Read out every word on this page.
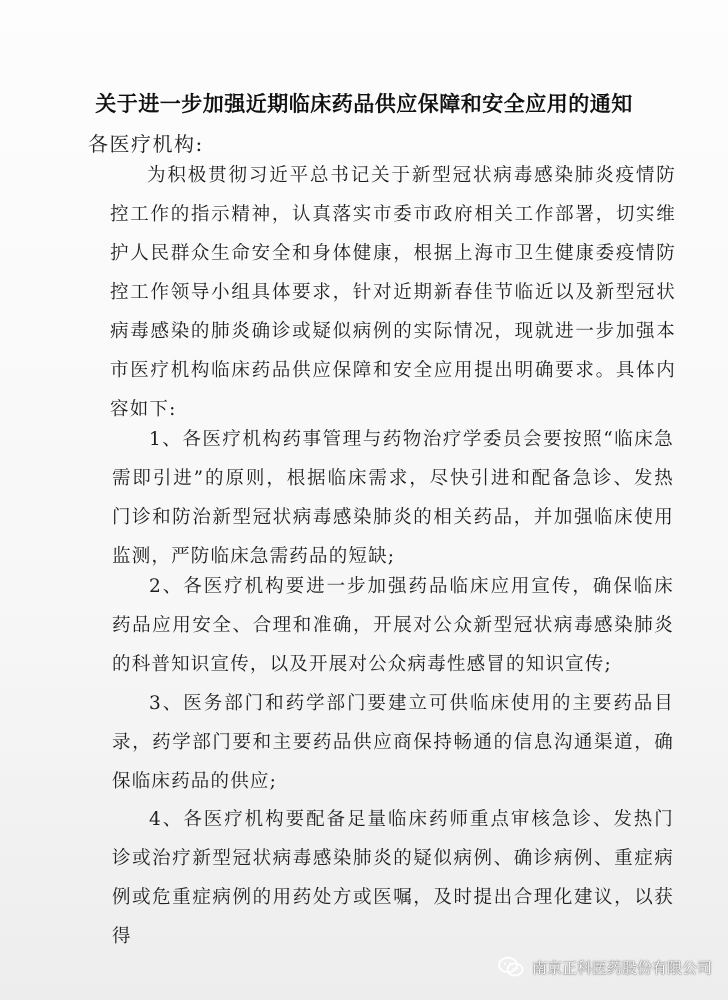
关于进一步加强近期临床药品供应保障和安全应用的通知

各医疗机构:

为积极贯彻习近平总书记关于新型冠状病毒感染肺炎疫情防控工作的指示精神，认真落实市委市政府相关工作部署，切实维护人民群众生命安全和身体健康，根据上海市卫生健康委疫情防控工作领导小组具体要求，针对近期新春佳节临近以及新型冠状病毒感染的肺炎确诊或疑似病例的实际情况，现就进一步加强本市医疗机构临床药品供应保障和安全应用提出明确要求。具体内容如下:

1、各医疗机构药事管理与药物治疗学委员会要按照“临床急需即引进”的原则，根据临床需求，尽快引进和配备急诊、发热门诊和防治新型冠状病毒感染肺炎的相关药品，并加强临床使用监测，严防临床急需药品的短缺;

2、各医疗机构要进一步加强药品临床应用宣传，确保临床药品应用安全、合理和准确，开展对公众新型冠状病毒感染肺炎的科普知识宣传，以及开展对公众病毒性感冒的知识宣传;

3、医务部门和药学部门要建立可供临床使用的主要药品目录，药学部门要和主要药品供应商保持畅通的信息沟通渠道，确保临床药品的供应;

4、各医疗机构要配备足量临床药师重点审核急诊、发热门诊或治疗新型冠状病毒感染肺炎的疑似病例、确诊病例、重症病例或危重症病例的用药处方或医嘱，及时提出合理化建议，以获得

南京正科医药股份有限公司
